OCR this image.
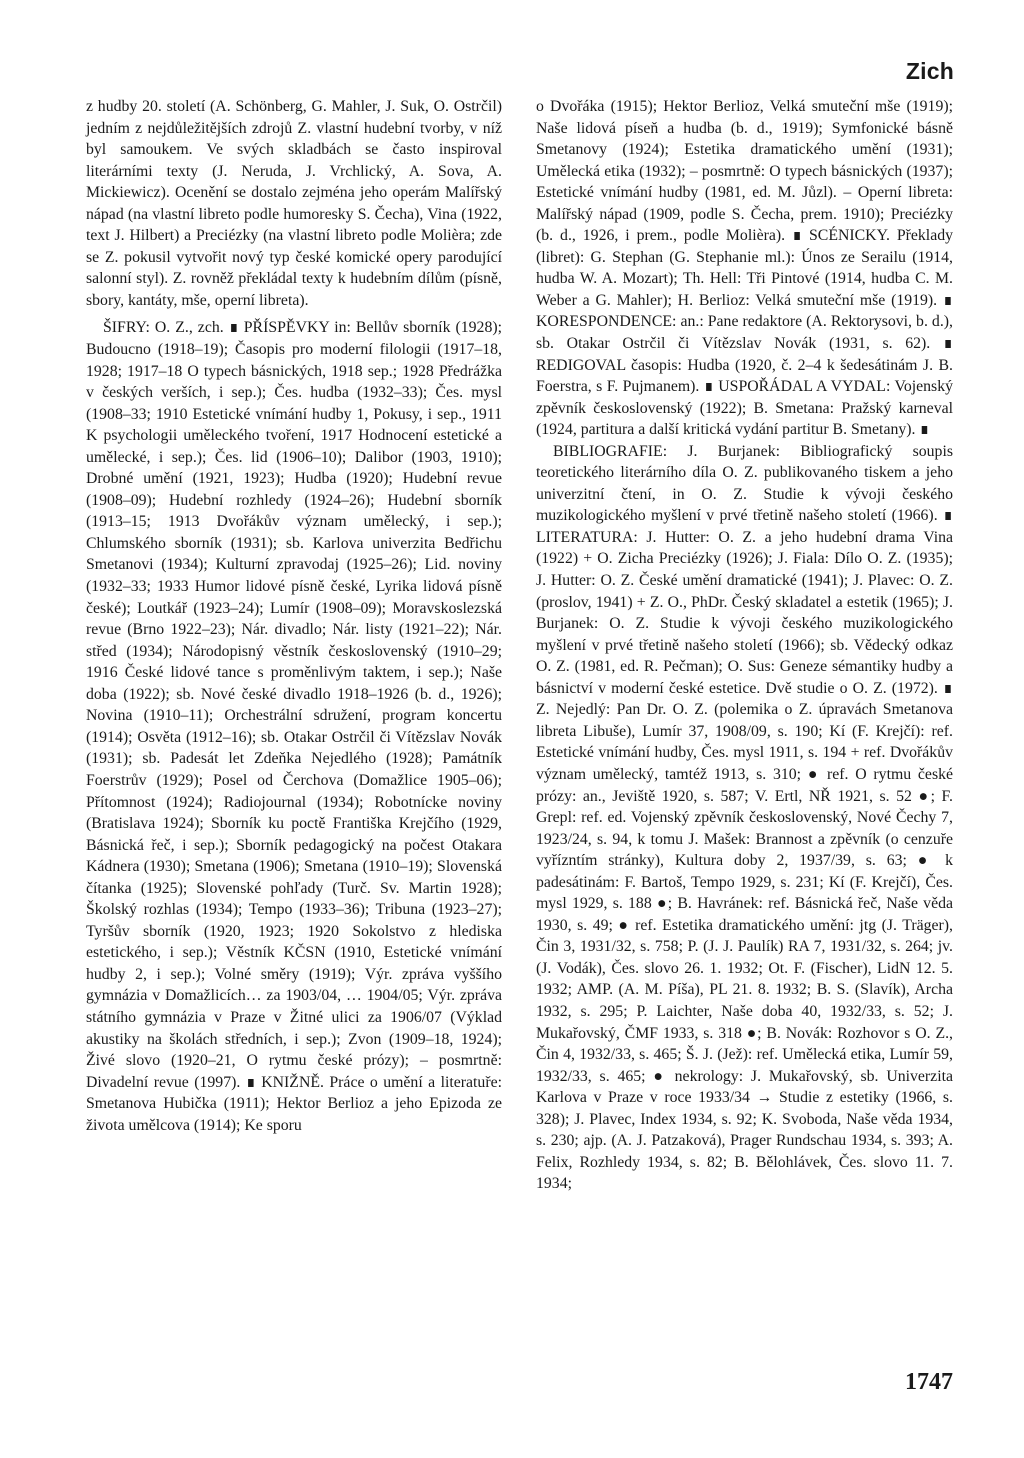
Zich

z hudby 20. století (A. Schönberg, G. Mahler, J. Suk, O. Ostrčil) jedním z nejdůležitějších zdrojů Z. vlastní hudební tvorby, v níž byl samoukem. Ve svých skladbách se často inspiroval literárními texty (J. Neruda, J. Vrchlický, A. Sova, A. Mickiewicz). Ocenění se dostalo zejména jeho operám Malířský nápad (na vlastní libreto podle humoresky S. Čecha), Vina (1922, text J. Hilbert) a Preciézky (na vlastní libreto podle Molièra; zde se Z. pokusil vytvořit nový typ české komické opery parodující salonní styl). Z. rovněž překládal texty k hudebním dílům (písně, sbory, kantáty, mše, operní libreta).

ŠIFRY: O. Z., zch. ∎ PŘÍSPĚVKY in: Bellův sborník (1928); Budoucno (1918–19); Časopis pro moderní filologii (1917–18, 1928; 1917–18 O typech básnických, 1918 sep.; 1928 Předrážka v českých verších, i sep.); Čes. hudba (1932–33); Čes. mysl (1908–33; 1910 Estetické vnímání hudby 1, Pokusy, i sep., 1911 K psychologii uměleckého tvoření, 1917 Hodnocení estetické a umělecké, i sep.); Čes. lid (1906–10); Dalibor (1903, 1910); Drobné umění (1921, 1923); Hudba (1920); Hudební revue (1908–09); Hudební rozhledy (1924–26); Hudební sborník (1913–15; 1913 Dvořákův význam umělecký, i sep.); Chlumského sborník (1931); sb. Karlova univerzita Bedřichu Smetanovi (1934); Kulturní zpravodaj (1925–26); Lid. noviny (1932–33; 1933 Humor lidové písně české, Lyrika lidová písně české); Loutkář (1923–24); Lumír (1908–09); Moravskoslezská revue (Brno 1922–23); Nár. divadlo; Nár. listy (1921–22); Nár. střed (1934); Národopisný věstník československý (1910–29; 1916 České lidové tance s proměnlivým taktem, i sep.); Naše doba (1922); sb. Nové české divadlo 1918–1926 (b. d., 1926); Novina (1910–11); Orchestrální sdružení, program koncertu (1914); Osvěta (1912–16); sb. Otakar Ostrčil či Vítězslav Novák (1931); sb. Padesát let Zdeňka Nejedlého (1928); Památník Foerstrův (1929); Posel od Čerchova (Domažlice 1905–06); Přítomnost (1924); Radiojournal (1934); Robotnícke noviny (Bratislava 1924); Sborník ku poctě Františka Krejčího (1929, Básnická řeč, i sep.); Sborník pedagogický na počest Otakara Kádnera (1930); Smetana (1906); Smetana (1910–19); Slovenská čítanka (1925); Slovenské pohľady (Turč. Sv. Martin 1928); Školský rozhlas (1934); Tempo (1933–36); Tribuna (1923–27); Tyršův sborník (1920, 1923; 1920 Sokolstvo z hlediska estetického, i sep.); Věstník KČSN (1910, Estetické vnímání hudby 2, i sep.); Volné směry (1919); Výr. zpráva vyššího gymnázia v Domažlicích… za 1903/04, … 1904/05; Výr. zpráva státního gymnázia v Praze v Žitné ulici za 1906/07 (Výklad akustiky na školách středních, i sep.); Zvon (1909–18, 1924); Živé slovo (1920–21, O rytmu české prózy); – posmrtně: Divadelní revue (1997). ∎ KNIŽNĚ. Práce o umění a literatuře: Smetanova Hubička (1911); Hektor Berlioz a jeho Epizoda ze života umělcova (1914); Ke sporu

o Dvořáka (1915); Hektor Berlioz, Velká smuteční mše (1919); Naše lidová píseň a hudba (b. d., 1919); Symfonické básně Smetanovy (1924); Estetika dramatického umění (1931); Umělecká etika (1932); – posmrtně: O typech básnických (1937); Estetické vnímání hudby (1981, ed. M. Jůzl). – Operní libreta: Malířský nápad (1909, podle S. Čecha, prem. 1910); Preciézky (b. d., 1926, i prem., podle Molièra). ∎ SCÉNICKY. Překlady (libret): G. Stephan (G. Stephanie ml.): Únos ze Serailu (1914, hudba W. A. Mozart); Th. Hell: Tři Pintové (1914, hudba C. M. Weber a G. Mahler); H. Berlioz: Velká smuteční mše (1919). ∎ KORESPONDENCE: an.: Pane redaktore (A. Rektorysovi, b. d.), sb. Otakar Ostrčil či Vítězslav Novák (1931, s. 62). ∎ REDIGOVAL časopis: Hudba (1920, č. 2–4 k šedesátinám J. B. Foerstra, s F. Pujmanem). ∎ USPOŘÁDAL A VYDAL: Vojenský zpěvník československý (1922); B. Smetana: Pražský karneval (1924, partitura a další kritická vydání partitur B. Smetany). ∎

BIBLIOGRAFIE: J. Burjanek: Bibliografický soupis teoretického literárního díla O. Z. publikovaného tiskem a jeho univerzitní čtení, in O. Z. Studie k vývoji českého muzikologického myšlení v prvé třetině našeho století (1966). ∎ LITERATURA: J. Hutter: O. Z. a jeho hudební drama Vina (1922) + O. Zicha Preciézky (1926); J. Fiala: Dílo O. Z. (1935); J. Hutter: O. Z. České umění dramatické (1941); J. Plavec: O. Z. (proslov, 1941) + Z. O., PhDr. Český skladatel a estetik (1965); J. Burjanek: O. Z. Studie k vývoji českého muzikologického myšlení v prvé třetině našeho století (1966); sb. Vědecký odkaz O. Z. (1981, ed. R. Pečman); O. Sus: Geneze sémantiky hudby a básnictví v moderní české estetice. Dvě studie o O. Z. (1972). ∎ Z. Nejedlý: Pan Dr. O. Z. (polemika o Z. úpravách Smetanova libreta Libuše), Lumír 37, 1908/09, s. 190; Kí (F. Krejčí): ref. Estetické vnímání hudby, Čes. mysl 1911, s. 194 + ref. Dvořákův význam umělecký, tamtéž 1913, s. 310; ● ref. O rytmu české prózy: an., Jeviště 1920, s. 587; V. Ertl, NŘ 1921, s. 52 ●; F. Grepl: ref. ed. Vojenský zpěvník československý, Nové Čechy 7, 1923/24, s. 94, k tomu J. Mašek: Brannost a zpěvník (o cenzuře vyřízntím stránky), Kultura doby 2, 1937/39, s. 63; ● k padesátinám: F. Bartoš, Tempo 1929, s. 231; Kí (F. Krejčí), Čes. mysl 1929, s. 188 ●; B. Havránek: ref. Básnická řeč, Naše věda 1930, s. 49; ● ref. Estetika dramatického umění: jtg (J. Träger), Čin 3, 1931/32, s. 758; P. (J. J. Paulík) RA 7, 1931/32, s. 264; jv. (J. Vodák), Čes. slovo 26. 1. 1932; Ot. F. (Fischer), LidN 12. 5. 1932; AMP. (A. M. Píša), PL 21. 8. 1932; B. S. (Slavík), Archa 1932, s. 295; P. Laichter, Naše doba 40, 1932/33, s. 52; J. Mukařovský, ČMF 1933, s. 318 ●; B. Novák: Rozhovor s O. Z., Čin 4, 1932/33, s. 465; Š. J. (Jež): ref. Umělecká etika, Lumír 59, 1932/33, s. 465; ● nekrology: J. Mukařovský, sb. Univerzita Karlova v Praze v roce 1933/34 → Studie z estetiky (1966, s. 328); J. Plavec, Index 1934, s. 92; K. Svoboda, Naše věda 1934, s. 230; ajp. (A. J. Patzaková), Prager Rundschau 1934, s. 393; A. Felix, Rozhledy 1934, s. 82; B. Bělohlávek, Čes. slovo 11. 7. 1934;

1747
